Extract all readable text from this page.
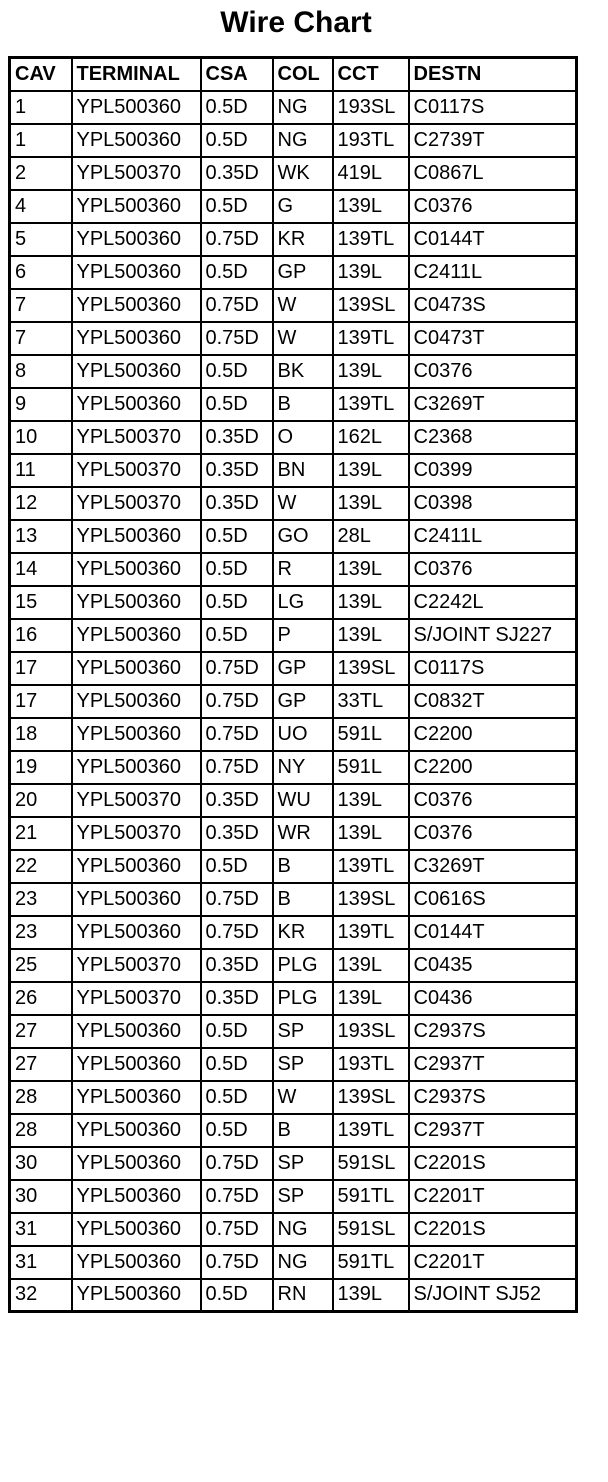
Wire Chart
CAV	TERMINAL	CSA	COL	CCT	DESTN
1	YPL500360	0.5D	NG	193SL	C0117S
1	YPL500360	0.5D	NG	193TL	C2739T
2	YPL500370	0.35D	WK	419L	C0867L
4	YPL500360	0.5D	G	139L	C0376
5	YPL500360	0.75D	KR	139TL	C0144T
6	YPL500360	0.5D	GP	139L	C2411L
7	YPL500360	0.75D	W	139SL	C0473S
7	YPL500360	0.75D	W	139TL	C0473T
8	YPL500360	0.5D	BK	139L	C0376
9	YPL500360	0.5D	B	139TL	C3269T
10	YPL500370	0.35D	O	162L	C2368
11	YPL500370	0.35D	BN	139L	C0399
12	YPL500370	0.35D	W	139L	C0398
13	YPL500360	0.5D	GO	28L	C2411L
14	YPL500360	0.5D	R	139L	C0376
15	YPL500360	0.5D	LG	139L	C2242L
16	YPL500360	0.5D	P	139L	S/JOINT SJ227
17	YPL500360	0.75D	GP	139SL	C0117S
17	YPL500360	0.75D	GP	33TL	C0832T
18	YPL500360	0.75D	UO	591L	C2200
19	YPL500360	0.75D	NY	591L	C2200
20	YPL500370	0.35D	WU	139L	C0376
21	YPL500370	0.35D	WR	139L	C0376
22	YPL500360	0.5D	B	139TL	C3269T
23	YPL500360	0.75D	B	139SL	C0616S
23	YPL500360	0.75D	KR	139TL	C0144T
25	YPL500370	0.35D	PLG	139L	C0435
26	YPL500370	0.35D	PLG	139L	C0436
27	YPL500360	0.5D	SP	193SL	C2937S
27	YPL500360	0.5D	SP	193TL	C2937T
28	YPL500360	0.5D	W	139SL	C2937S
28	YPL500360	0.5D	B	139TL	C2937T
30	YPL500360	0.75D	SP	591SL	C2201S
30	YPL500360	0.75D	SP	591TL	C2201T
31	YPL500360	0.75D	NG	591SL	C2201S
31	YPL500360	0.75D	NG	591TL	C2201T
32	YPL500360	0.5D	RN	139L	S/JOINT SJ52
